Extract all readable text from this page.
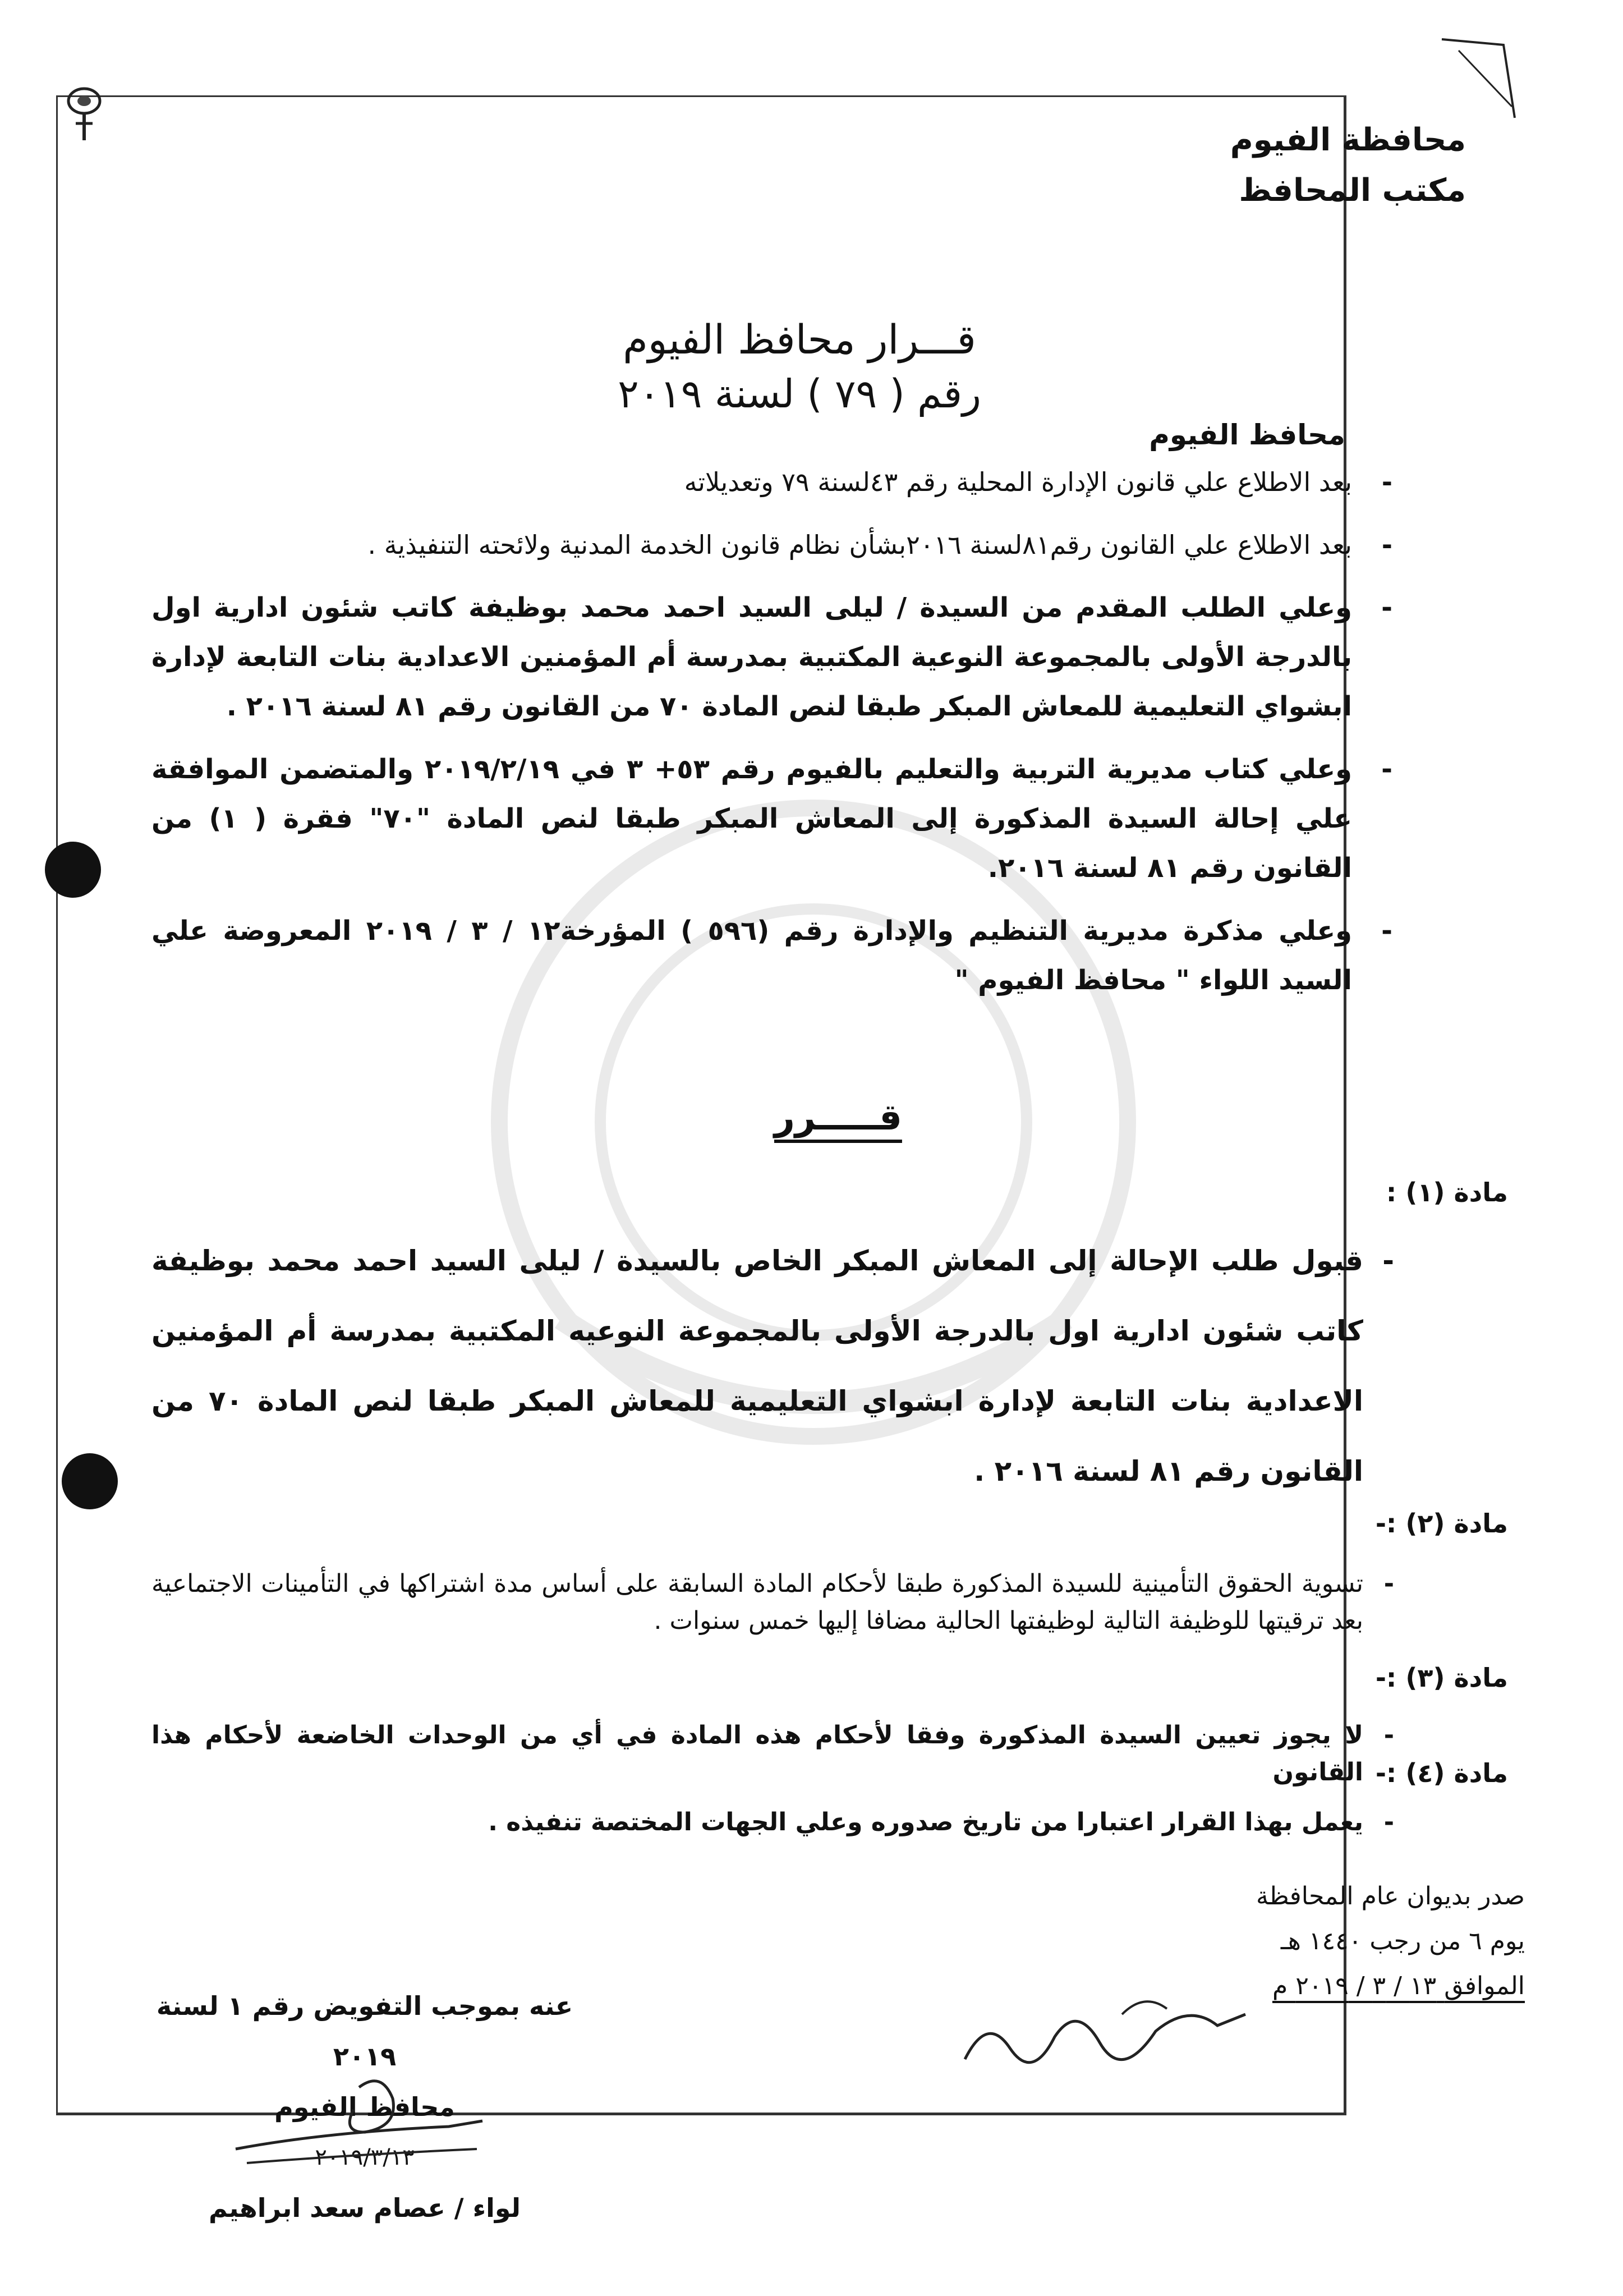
محافظة الفيوم
مكتب المحافظ
قـــرار محافظ الفيوم
رقم ( ٧٩ ) لسنة ٢٠١٩
محافظ الفيوم
- بعد الاطلاع علي قانون الإدارة المحلية رقم ٤٣لسنة ٧٩ وتعديلاته
- بعد الاطلاع علي القانون رقم٨١لسنة ٢٠١٦بشأن نظام قانون الخدمة المدنية ولائحته التنفيذية .
- وعلي الطلب المقدم من السيدة / ليلى السيد احمد محمد بوظيفة كاتب شئون ادارية اول بالدرجة الأولى بالمجموعة النوعية المكتبية بمدرسة أم المؤمنين الاعدادية بنات التابعة لإدارة ابشواي التعليمية للمعاش المبكر طبقا لنص المادة ٧٠ من القانون رقم ٨١ لسنة ٢٠١٦ .
- وعلي كتاب مديرية التربية والتعليم بالفيوم رقم ٥٣+ ٣ في ٢٠١٩/٢/١٩ والمتضمن الموافقة علي إحالة السيدة المذكورة إلى المعاش المبكر طبقا لنص المادة "٧٠" فقرة ( ١) من القانون رقم ٨١ لسنة ٢٠١٦.
- وعلي مذكرة مديرية التنظيم والإدارة رقم (٥٩٦ ) المؤرخة١٢ / ٣ / ٢٠١٩ المعروضة علي السيد اللواء " محافظ الفيوم "
قـــــرر
مادة (١) :
-
قبول طلب الإحالة إلى المعاش المبكر الخاص بالسيدة / ليلى السيد احمد محمد بوظيفة كاتب شئون ادارية اول بالدرجة الأولى بالمجموعة النوعيه المكتبية بمدرسة أم المؤمنين الاعدادية بنات التابعة لإدارة ابشواي التعليمية للمعاش المبكر طبقا لنص المادة ٧٠ من القانون رقم ٨١ لسنة ٢٠١٦ .
مادة (٢) :-
-
تسوية الحقوق التأمينية للسيدة المذكورة طبقا لأحكام المادة السابقة على أساس مدة اشتراكها في التأمينات الاجتماعية بعد ترقيتها للوظيفة التالية لوظيفتها الحالية مضافا إليها خمس سنوات .
مادة (٣) :-
-
لا يجوز تعيين السيدة المذكورة وفقا لأحكام هذه المادة في أي من الوحدات الخاضعة لأحكام هذا القانون مادة (٤) :-
-
يعمل بهذا القرار اعتبارا من تاريخ صدوره وعلي الجهات المختصة تنفيذه .
صدر بديوان عام المحافظة
يوم ٦ من رجب ١٤٤٠ هـ
الموافق ١٣ / ٣ / ٢٠١٩ م
عنه بموجب التفويض رقم ١ لسنة ٢٠١٩
محافظ الفيوم
٢٠١٩/٣/١٣
لواء / عصام سعد ابراهيم
